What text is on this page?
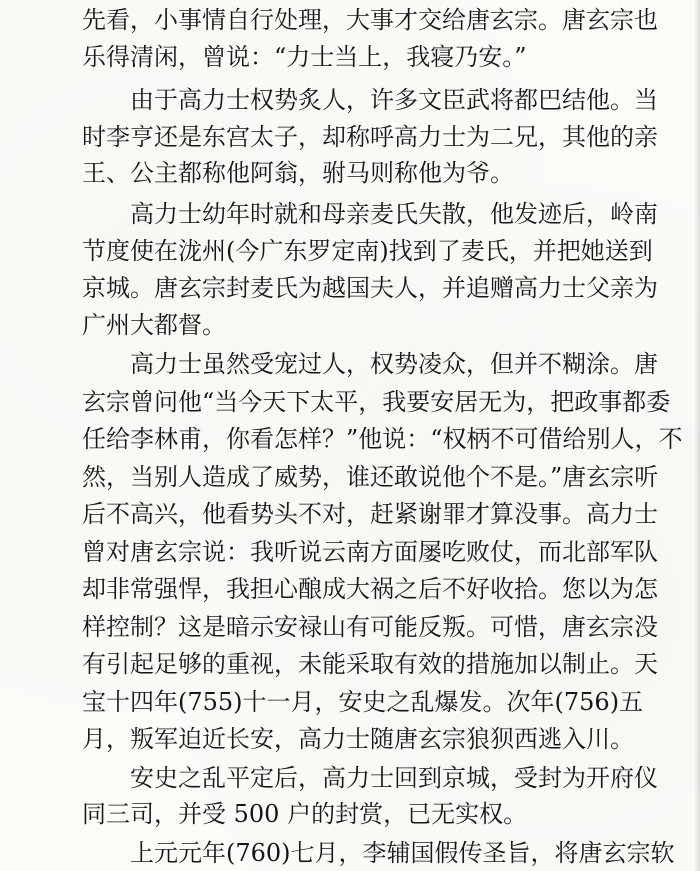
先看，小事情自行处理，大事才交给唐玄宗。唐玄宗也

乐得清闲，曾说：“力士当上，我寝乃安。”

由于高力士权势炙人，许多文臣武将都巴结他。当

时李亨还是东宫太子，却称呼高力士为二兄，其他的亲

王、公主都称他阿翁，驸马则称他为爷。

高力士幼年时就和母亲麦氏失散，他发迹后，岭南

节度使在泷州(今广东罗定南)找到了麦氏，并把她送到

京城。唐玄宗封麦氏为越国夫人，并追赠高力士父亲为

广州大都督。

高力士虽然受宠过人，权势凌众，但并不糊涂。唐

玄宗曾问他“当今天下太平，我要安居无为，把政事都委

任给李林甫，你看怎样？”他说：“权柄不可借给别人，不

然，当别人造成了威势，谁还敢说他个不是。”唐玄宗听

后不高兴，他看势头不对，赶紧谢罪才算没事。高力士

曾对唐玄宗说：我听说云南方面屡吃败仗，而北部军队

却非常强悍，我担心酿成大祸之后不好收拾。您以为怎

样控制？这是暗示安禄山有可能反叛。可惜，唐玄宗没

有引起足够的重视，未能采取有效的措施加以制止。天

宝十四年(755)十一月，安史之乱爆发。次年(756)五

月，叛军迫近长安，高力士随唐玄宗狼狈西逃入川。

安史之乱平定后，高力士回到京城，受封为开府仪

同三司，并受 500 户的封赏，已无实权。

上元元年(760)七月，李辅国假传圣旨，将唐玄宗软
